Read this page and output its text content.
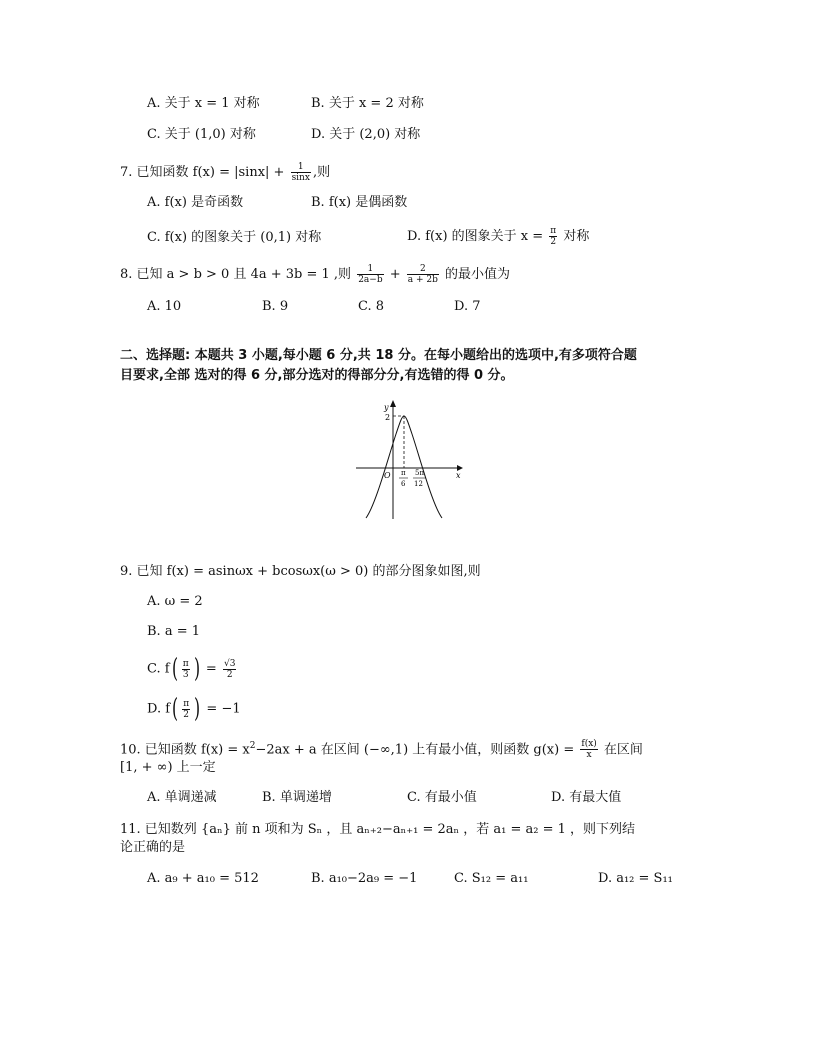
A. 关于 x = 1 对称	B. 关于 x = 2 对称
C. 关于 (1,0) 对称	D. 关于 (2,0) 对称
7. 已知函数 $f(x) = |\sin x| + \frac{1}{\sin x}$ ,则
A. f(x) 是奇函数	B. f(x) 是偶函数
C. f(x) 的图象关于 (0,1) 对称	D. f(x) 的图象关于 $x = \frac{\pi}{2}$ 对称
8. 已知 a > b > 0 且 4a + 3b = 1 ,则 $\frac{1}{2a-b} + \frac{2}{a + 2b}$ 的最小值为
A. 10	B. 9	C. 8	D. 7
二、选择题: 本题共 3 小题,每小题 6 分,共 18 分。在每小题给出的选项中,有多项符合题
目要求,全部 选对的得 6 分,部分选对的得部分分,有选错的得 0 分。
y
x
2
O π
6
5π
12
9. 已知 f(x) = asinωx + bcosωx(ω > 0) 的部分图象如图,则
A. ω = 2
B. a = 1
C. $f( \frac{\pi}{3}$ ) = $\frac{√3}{2}$
D. $f( \frac{\pi}{2}$ ) = −1
10. 已知函数 $f(x) = x^2-2ax + a$ 在区间 (−∞,1) 上有最小值，则函数 $g(x) = \frac{f(x)}{x}$ 在区间
[1, + ∞) 上一定
A. 单调递减	B. 单调递增	C. 有最小值	D. 有最大值
11. 已知数列 {aₙ} 前 n 项和为 Sₙ ，且 aₙ₊₂−aₙ₊₁ = 2aₙ ，若 a₁ = a₂ = 1 ，则下列结
论正确的是
A. a₉ + a₁₀ = 512	B. a₁₀−2a₉ = −1	C. S₁₂ = a₁₁	D. a₁₂ = S₁₁
